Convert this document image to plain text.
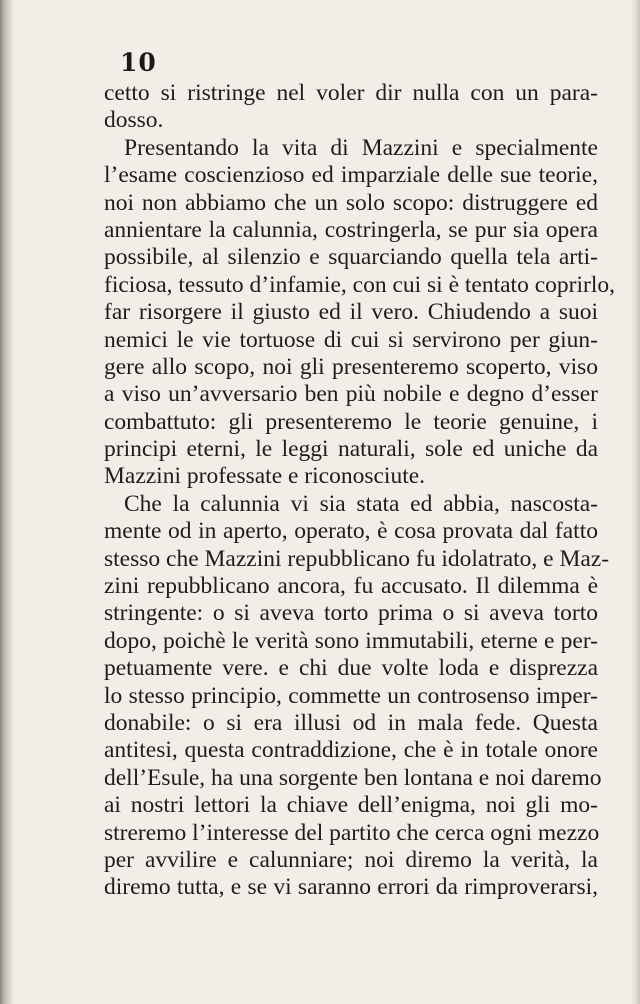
10
cetto si ristringe nel voler dir nulla con un para-
dosso.
Presentando la vita di Mazzini e specialmente
l’esame coscienzioso ed imparziale delle sue teorie,
noi non abbiamo che un solo scopo: distruggere ed
annientare la calunnia, costringerla, se pur sia opera
possibile, al silenzio e squarciando quella tela arti-
ficiosa, tessuto d’infamie, con cui si è tentato coprirlo,
far risorgere il giusto ed il vero. Chiudendo a suoi
nemici le vie tortuose di cui si servirono per giun-
gere allo scopo, noi gli presenteremo scoperto, viso
a viso un’avversario ben più nobile e degno d’esser
combattuto: gli presenteremo le teorie genuine, i
principi eterni, le leggi naturali, sole ed uniche da
Mazzini professate e riconosciute.
Che la calunnia vi sia stata ed abbia, nascosta-
mente od in aperto, operato, è cosa provata dal fatto
stesso che Mazzini repubblicano fu idolatrato, e Maz-
zini repubblicano ancora, fu accusato. Il dilemma è
stringente: o si aveva torto prima o si aveva torto
dopo, poichè le verità sono immutabili, eterne e per-
petuamente vere. e chi due volte loda e disprezza
lo stesso principio, commette un controsenso imper-
donabile: o si era illusi od in mala fede. Questa
antitesi, questa contraddizione, che è in totale onore
dell’Esule, ha una sorgente ben lontana e noi daremo
ai nostri lettori la chiave dell’enigma, noi gli mo-
streremo l’interesse del partito che cerca ogni mezzo
per avvilire e calunniare; noi diremo la verità, la
diremo tutta, e se vi saranno errori da rimproverarsi,
